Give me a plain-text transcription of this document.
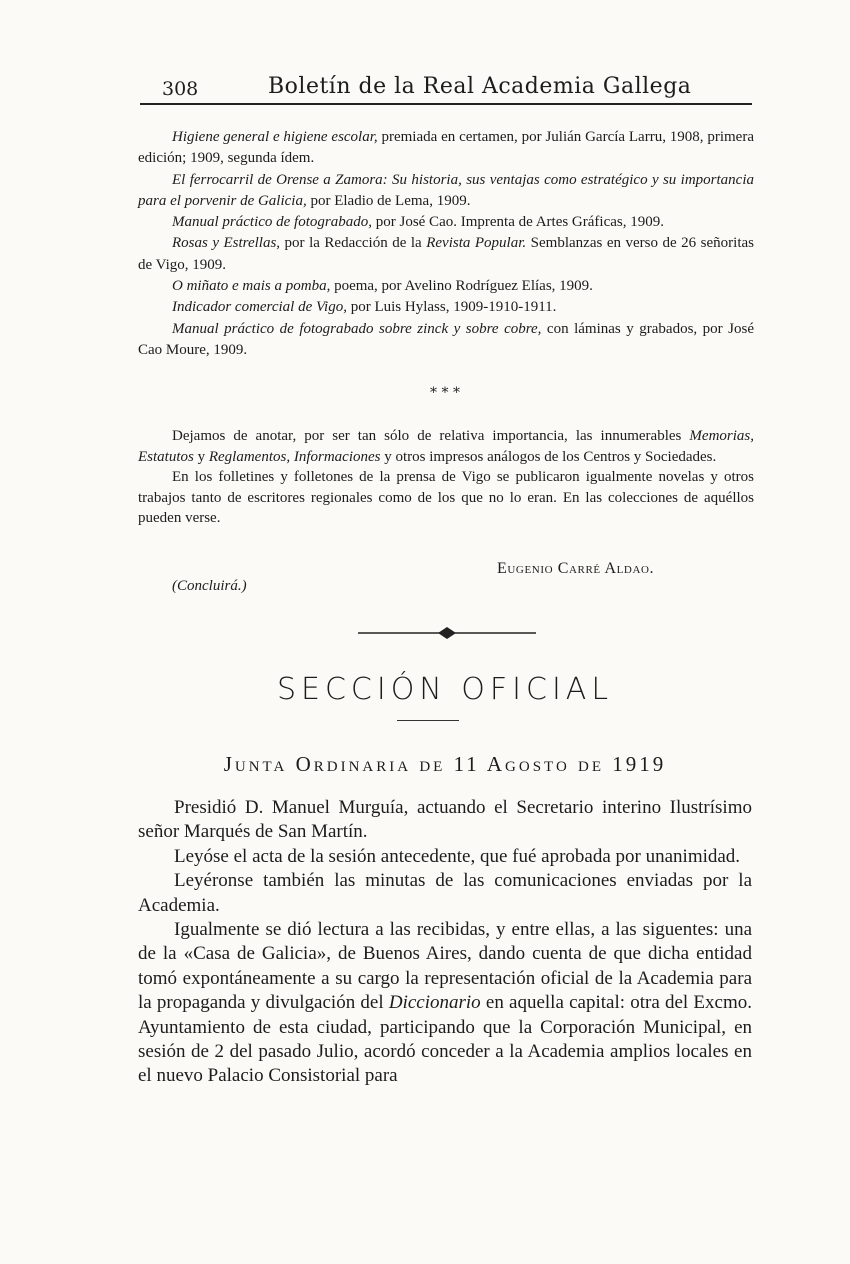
308	Boletín de la Real Academia Gallega

Higiene general e higiene escolar, premiada en certamen, por Julián García Larru, 1908, primera edición; 1909, segunda ídem.

El ferrocarril de Orense a Zamora: Su historia, sus ventajas como estratégico y su importancia para el porvenir de Galicia, por Eladio de Lema, 1909.

Manual práctico de fotograbado, por José Cao. Imprenta de Artes Gráficas, 1909.

Rosas y Estrellas, por la Redacción de la Revista Popular. Semblanzas en verso de 26 señoritas de Vigo, 1909.

O miñato e mais a pomba, poema, por Avelino Rodríguez Elías, 1909.

Indicador comercial de Vigo, por Luis Hylass, 1909-1910-1911.

Manual práctico de fotograbado sobre zinck y sobre cobre, con láminas y grabados, por José Cao Moure, 1909.

* * *

Dejamos de anotar, por ser tan sólo de relativa importancia, las innumerables Memorias, Estatutos y Reglamentos, Informaciones y otros impresos análogos de los Centros y Sociedades.

En los folletines y folletones de la prensa de Vigo se publicaron igualmente novelas y otros trabajos tanto de escritores regionales como de los que no lo eran. En las colecciones de aquéllos pueden verse.

Eugenio Carré Aldao.
(Concluirá.)
SECCIÓN OFICIAL
Junta Ordinaria de 11 Agosto de 1919

Presidió D. Manuel Murguía, actuando el Secretario interino Ilustrísimo señor Marqués de San Martín.

Leyóse el acta de la sesión antecedente, que fué aprobada por unanimidad.

Leyéronse también las minutas de las comunicaciones enviadas por la Academia.

Igualmente se dió lectura a las recibidas, y entre ellas, a las siguentes: una de la «Casa de Galicia», de Buenos Aires, dando cuenta de que dicha entidad tomó expontáneamente a su cargo la representación oficial de la Academia para la propaganda y divulgación del Diccionario en aquella capital: otra del Excmo. Ayuntamiento de esta ciudad, participando que la Corporación Municipal, en sesión de 2 del pasado Julio, acordó conceder a la Academia amplios locales en el nuevo Palacio Consistorial para
